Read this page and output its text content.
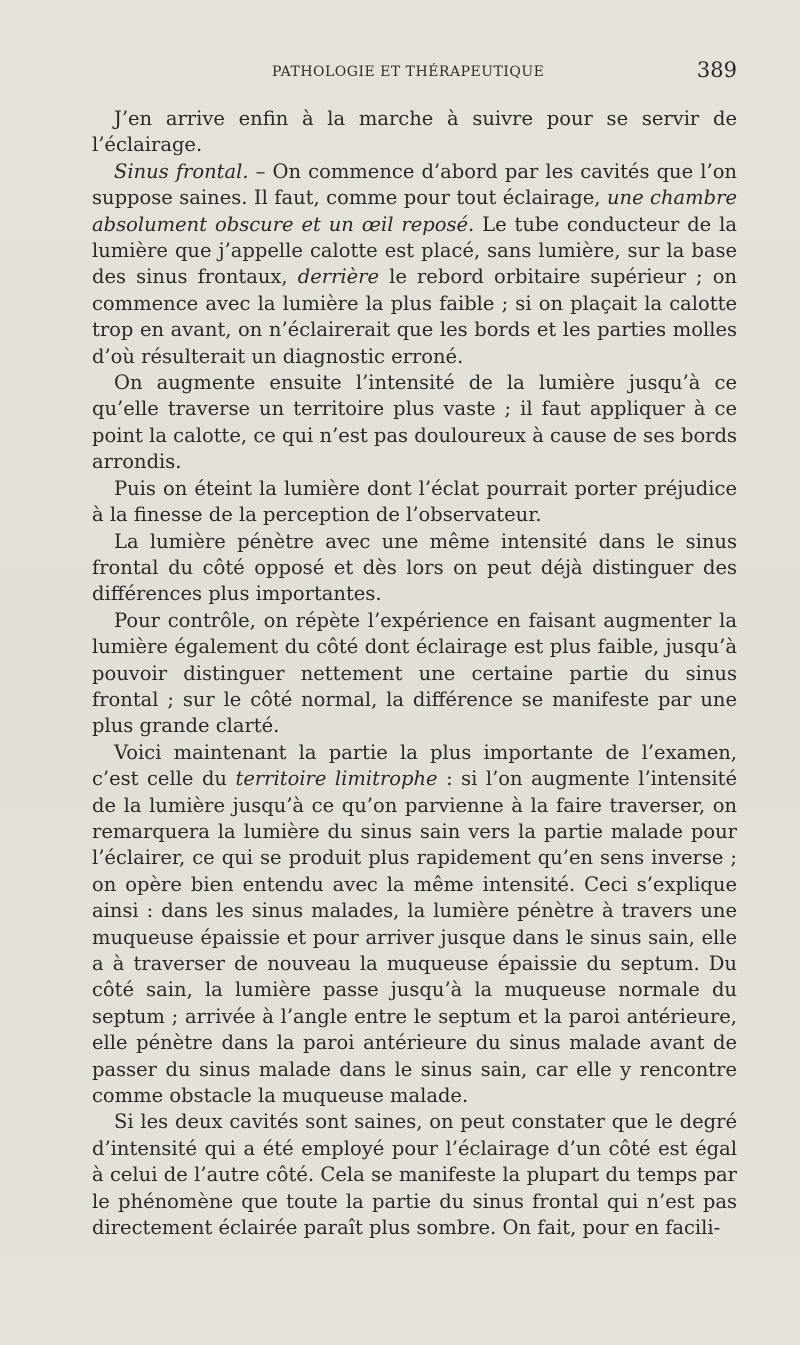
PATHOLOGIE ET THÉRAPEUTIQUE	389

J’en arrive enfin à la marche à suivre pour se servir de l’éclairage.

Sinus frontal. – On commence d’abord par les cavités que l’on suppose saines. Il faut, comme pour tout éclairage, une chambre absolument obscure et un œil reposé. Le tube conducteur de la lumière que j’appelle calotte est placé, sans lumière, sur la base des sinus frontaux, derrière le rebord orbitaire supérieur ; on commence avec la lumière la plus faible ; si on plaçait la calotte trop en avant, on n’éclairerait que les bords et les parties molles d’où résulterait un diagnostic erroné.

On augmente ensuite l’intensité de la lumière jusqu’à ce qu’elle traverse un territoire plus vaste ; il faut appliquer à ce point la calotte, ce qui n’est pas douloureux à cause de ses bords arrondis.

Puis on éteint la lumière dont l’éclat pourrait porter préjudice à la finesse de la perception de l’observateur.

La lumière pénètre avec une même intensité dans le sinus frontal du côté opposé et dès lors on peut déjà distinguer des différences plus importantes.

Pour contrôle, on répète l’expérience en faisant augmenter la lumière également du côté dont éclairage est plus faible, jusqu’à pouvoir distinguer nettement une certaine partie du sinus frontal ; sur le côté normal, la différence se manifeste par une plus grande clarté.

Voici maintenant la partie la plus importante de l’examen, c’est celle du territoire limitrophe : si l’on augmente l’intensité de la lumière jusqu’à ce qu’on parvienne à la faire traverser, on remarquera la lumière du sinus sain vers la partie malade pour l’éclairer, ce qui se produit plus rapidement qu’en sens inverse ; on opère bien entendu avec la même intensité. Ceci s’explique ainsi : dans les sinus malades, la lumière pénètre à travers une muqueuse épaissie et pour arriver jusque dans le sinus sain, elle a à traverser de nouveau la muqueuse épaissie du septum. Du côté sain, la lumière passe jusqu’à la muqueuse normale du septum ; arrivée à l’angle entre le septum et la paroi antérieure, elle pénètre dans la paroi antérieure du sinus malade avant de passer du sinus malade dans le sinus sain, car elle y rencontre comme obstacle la muqueuse malade.

Si les deux cavités sont saines, on peut constater que le degré d’intensité qui a été employé pour l’éclairage d’un côté est égal à celui de l’autre côté. Cela se manifeste la plupart du temps par le phénomène que toute la partie du sinus frontal qui n’est pas directement éclairée paraît plus sombre. On fait, pour en facili-
